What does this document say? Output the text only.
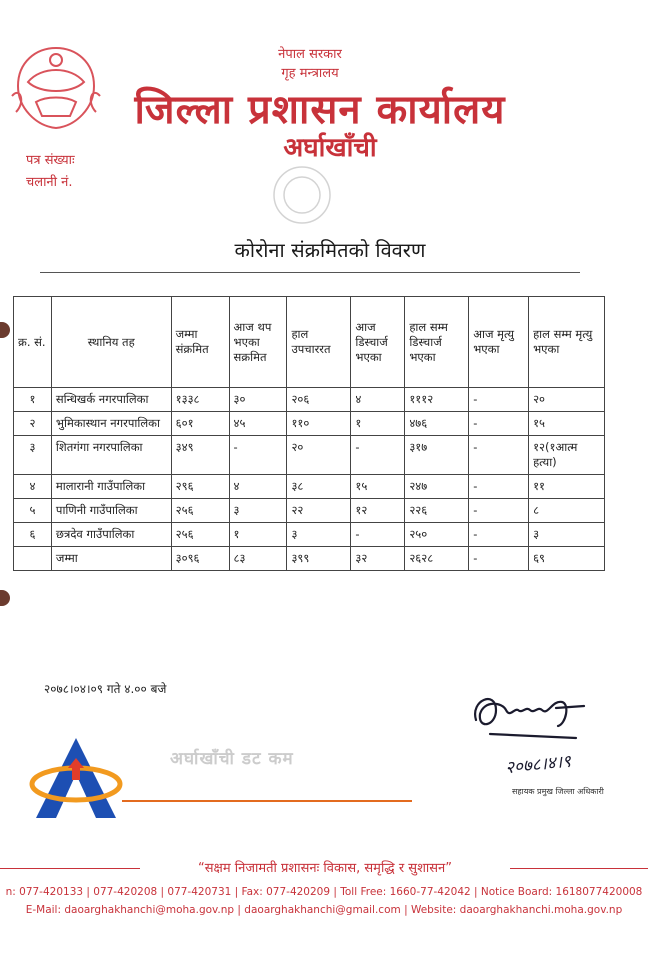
नेपाल सरकार
गृह मन्त्रालय
जिल्ला प्रशासन कार्यालय
अर्घाखाँची
पत्र संख्याः
चलानी नं.
कोरोना संक्रमितको विवरण
क्र. सं.	स्थानिय तह	जम्मा संक्रमित	आज थप भएका सक्रमित	हाल उपचाररत	आज डिस्चार्ज भएका	हाल सम्म डिस्चार्ज भएका	आज मृत्यु भएका	हाल सम्म मृत्यु भएका
१	सन्धिखर्क नगरपालिका	१३३८	३०	२०६	४	१११२	-	२०
२	भुमिकास्थान नगरपालिका	६०१	४५	११०	१	४७६	-	१५
३	शितगंगा नगरपालिका	३४९	-	२०	-	३१७	-	१२(१आत्म हत्या)
४	मालारानी गाउँपालिका	२९६	४	३८	१५	२४७	-	११
५	पाणिनी गाउँपालिका	२५६	३	२२	१२	२२६	-	८
६	छत्रदेव गाउँपालिका	२५६	१	३	-	२५०	-	३
	जम्मा	३०९६	८३	३९९	३२	२६२८	-	६९
२०७८।०४।०९ गते ४.०० बजे
२०७८।४।९
सहायक प्रमुख जिल्ला अधिकारी
अर्घाखाँची डट कम
“सक्षम निजामती प्रशासनः विकास, समृद्धि र सुशासन”
n: 077-420133 | 077-420208 | 077-420731 | Fax: 077-420209 | Toll Free: 1660-77-42042 | Notice Board: 1618077420008
E-Mail: daoarghakhanchi@moha.gov.np | daoarghakhanchi@gmail.com | Website: daoarghakhanchi.moha.gov.np
